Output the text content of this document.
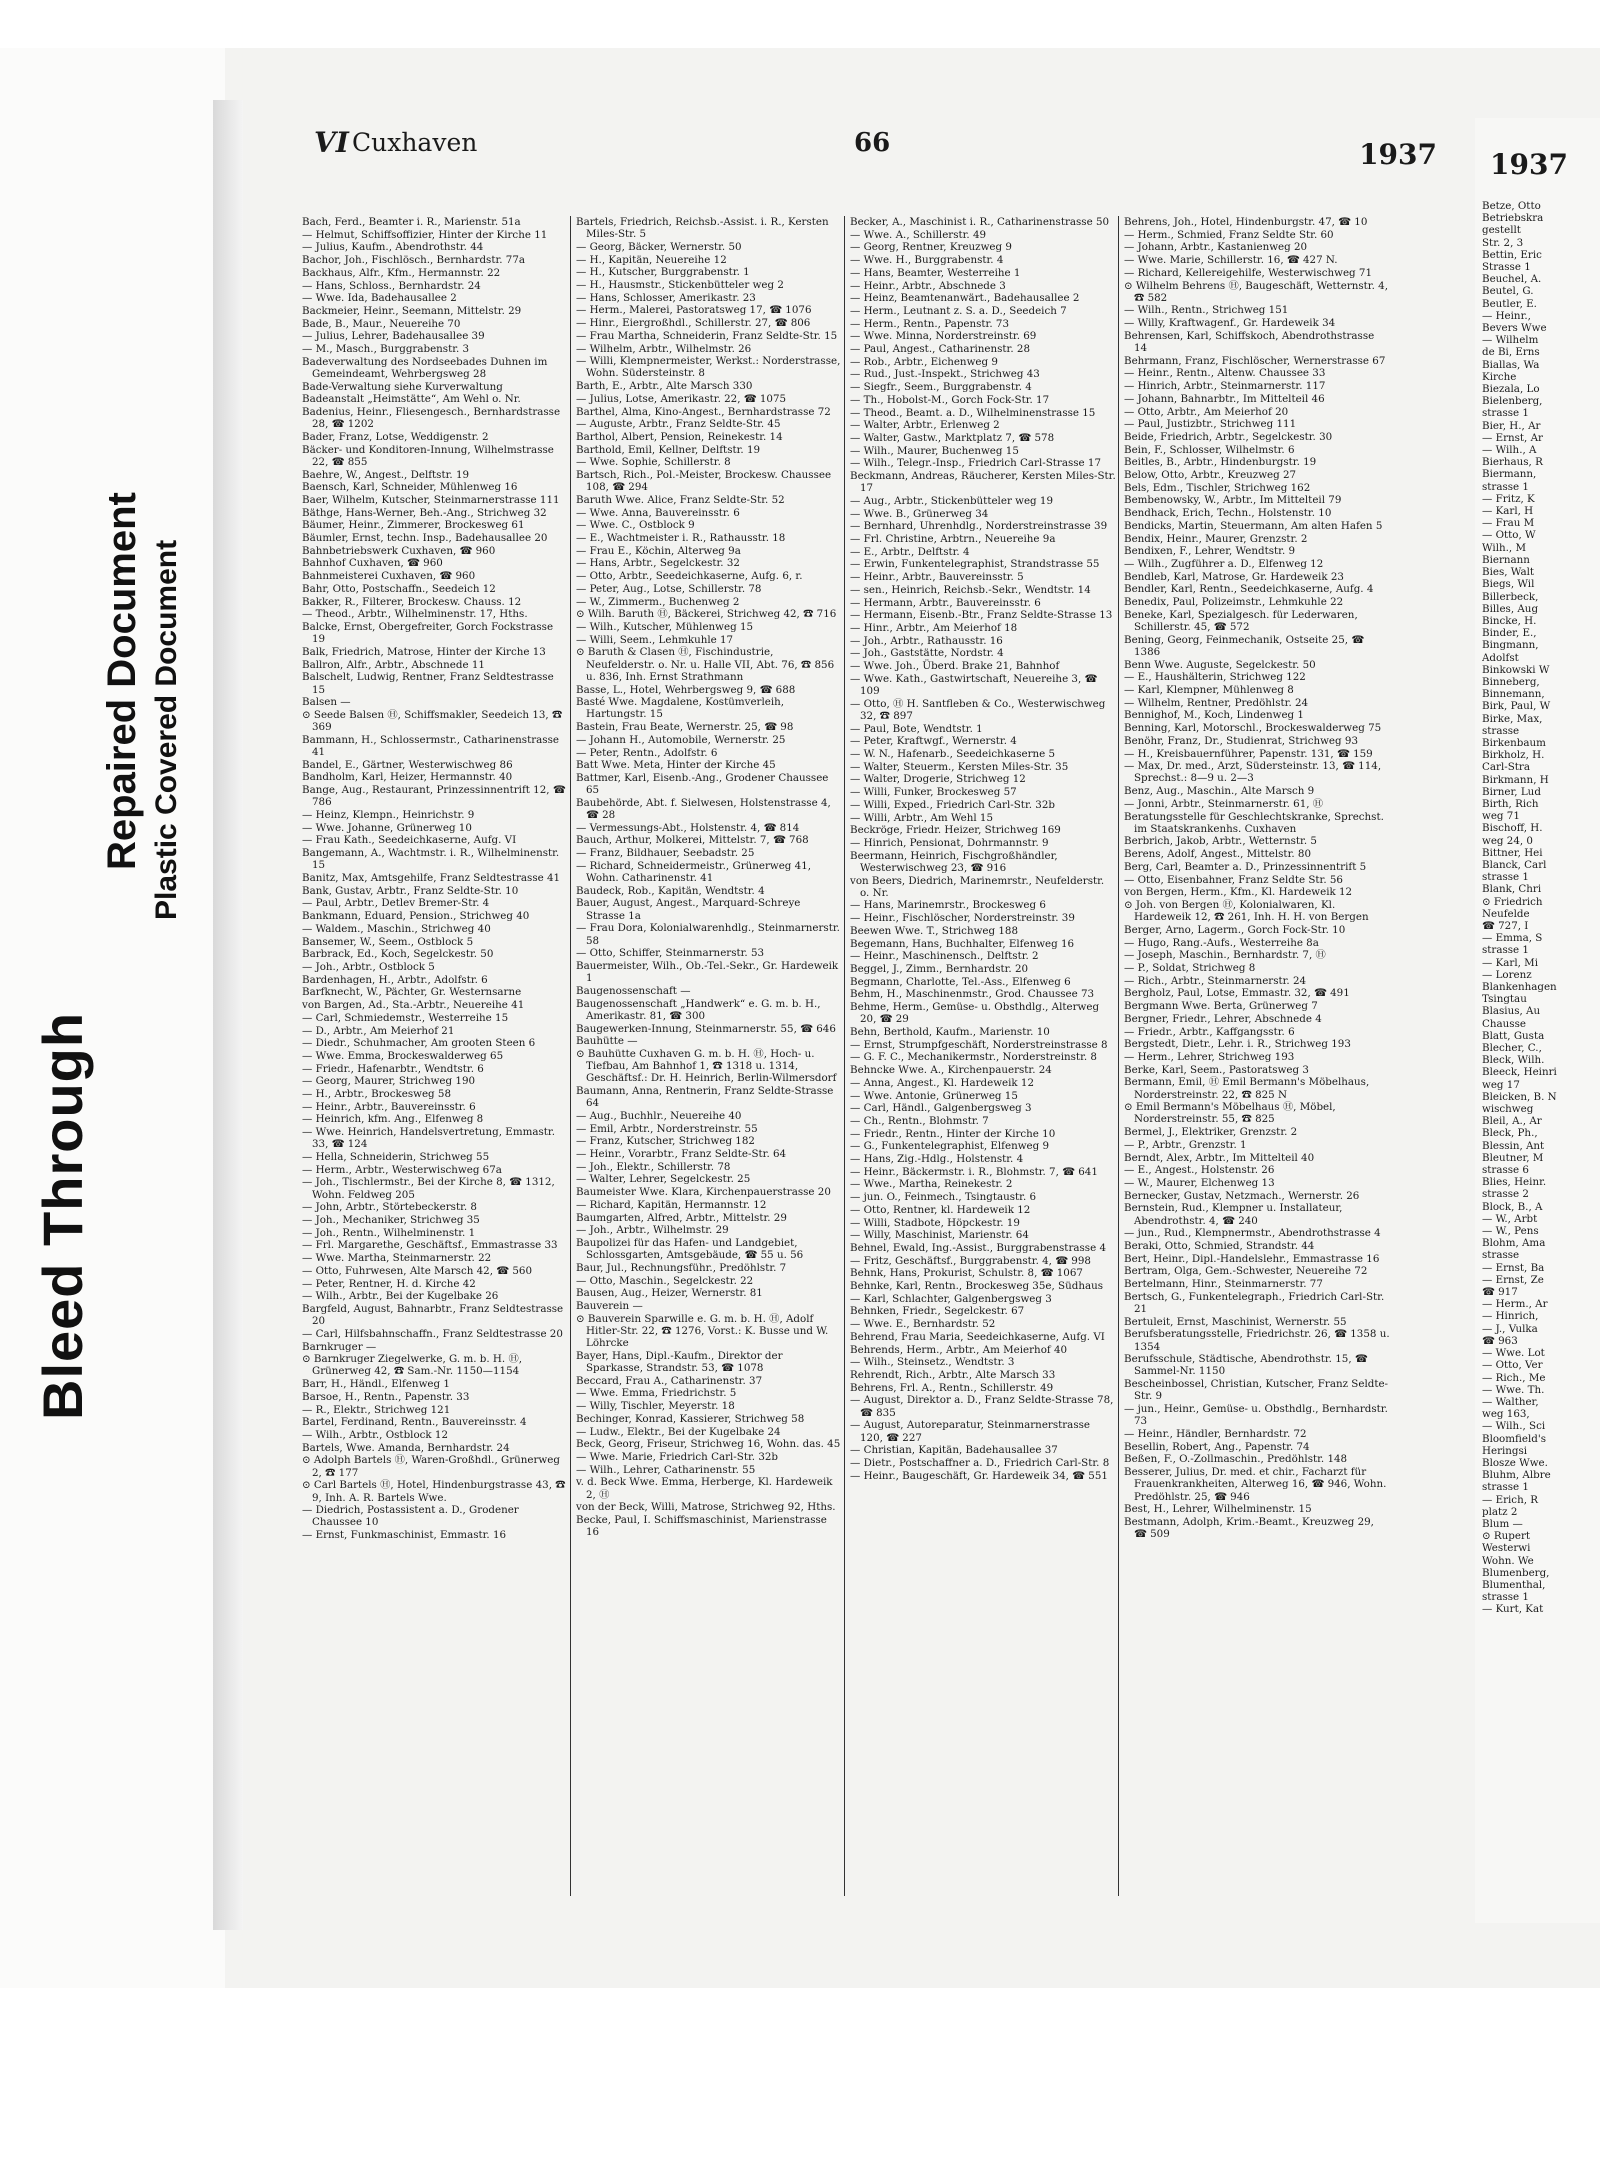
Bleed Through
Repaired Document Plastic Covered Document
VI Cuxhaven	66	1937

Bach, Ferd., Beamter i. R., Marienstr. 51a

— Helmut, Schiffsoffizier, Hinter der Kirche 11

— Julius, Kaufm., Abendrothstr. 44

Bachor, Joh., Fischlösch., Bernhardstr. 77a

Backhaus, Alfr., Kfm., Hermannstr. 22

— Hans, Schloss., Bernhardstr. 24

— Wwe. Ida, Badehausallee 2

Backmeier, Heinr., Seemann, Mittelstr. 29

Bade, B., Maur., Neuereihe 70

— Julius, Lehrer, Badehausallee 39

— M., Masch., Burggrabenstr. 3

Badeverwaltung des Nordseebades Duhnen im Gemeindeamt, Wehrbergsweg 28

Bade-Verwaltung siehe Kurverwaltung

Badeanstalt „Heimstätte“, Am Wehl o. Nr.

Badenius, Heinr., Fliesengesch., Bernhardstrasse 28, ☎ 1202

Bader, Franz, Lotse, Weddigenstr. 2

Bäcker- und Konditoren-Innung, Wilhelmstrasse 22, ☎ 855

Baehre, W., Angest., Delftstr. 19

Baensch, Karl, Schneider, Mühlenweg 16

Baer, Wilhelm, Kutscher, Steinmarnerstrasse 111

Bäthge, Hans-Werner, Beh.-Ang., Strichweg 32

Bäumer, Heinr., Zimmerer, Brockesweg 61

Bäumler, Ernst, techn. Insp., Badehausallee 20

Bahnbetriebswerk Cuxhaven, ☎ 960

Bahnhof Cuxhaven, ☎ 960

Bahnmeisterei Cuxhaven, ☎ 960

Bahr, Otto, Postschaffn., Seedeich 12

Bakker, R., Filterer, Brockesw. Chauss. 12

— Theod., Arbtr., Wilhelminenstr. 17, Hths.

Balcke, Ernst, Obergefreiter, Gorch Fockstrasse 19

Balk, Friedrich, Matrose, Hinter der Kirche 13

Ballron, Alfr., Arbtr., Abschnede 11

Balschelt, Ludwig, Rentner, Franz Seldtestrasse 15

Balsen —

⊙ Seede Balsen Ⓗ, Schiffsmakler, Seedeich 13, ☎ 369

Bammann, H., Schlossermstr., Catharinenstrasse 41

Bandel, E., Gärtner, Westerwischweg 86

Bandholm, Karl, Heizer, Hermannstr. 40

Bange, Aug., Restaurant, Prinzessinnentrift 12, ☎ 786

— Heinz, Klempn., Heinrichstr. 9

— Wwe. Johanne, Grünerweg 10

— Frau Kath., Seedeichkaserne, Aufg. VI

Bangemann, A., Wachtmstr. i. R., Wilhelminenstr. 15

Banitz, Max, Amtsgehilfe, Franz Seldtestrasse 41

Bank, Gustav, Arbtr., Franz Seldte-Str. 10

— Paul, Arbtr., Detlev Bremer-Str. 4

Bankmann, Eduard, Pension., Strichweg 40

— Waldem., Maschin., Strichweg 40

Bansemer, W., Seem., Ostblock 5

Barbrack, Ed., Koch, Segelckestr. 50

— Joh., Arbtr., Ostblock 5

Bardenhagen, H., Arbtr., Adolfstr. 6

Barfknecht, W., Pächter, Gr. Westernsarne

von Bargen, Ad., Sta.-Arbtr., Neuereihe 41

— Carl, Schmiedemstr., Westerreihe 15

— D., Arbtr., Am Meierhof 21

— Diedr., Schuhmacher, Am grooten Steen 6

— Wwe. Emma, Brockeswalderweg 65

— Friedr., Hafenarbtr., Wendtstr. 6

— Georg, Maurer, Strichweg 190

— H., Arbtr., Brockesweg 58

— Heinr., Arbtr., Bauvereinsstr. 6

— Heinrich, kfm. Ang., Elfenweg 8

— Wwe. Heinrich, Handelsvertretung, Emmastr. 33, ☎ 124

— Hella, Schneiderin, Strichweg 55

— Herm., Arbtr., Westerwischweg 67a

— Joh., Tischlermstr., Bei der Kirche 8, ☎ 1312, Wohn. Feldweg 205

— John, Arbtr., Störtebeckerstr. 8

— Joh., Mechaniker, Strichweg 35

— Joh., Rentn., Wilhelminenstr. 1

— Frl. Margarethe, Geschäftsf., Emmastrasse 33

— Wwe. Martha, Steinmarnerstr. 22

— Otto, Fuhrwesen, Alte Marsch 42, ☎ 560

— Peter, Rentner, H. d. Kirche 42

— Wilh., Arbtr., Bei der Kugelbake 26

Bargfeld, August, Bahnarbtr., Franz Seldtestrasse 20

— Carl, Hilfsbahnschaffn., Franz Seldtestrasse 20

Barnkruger —

⊙ Barnkruger Ziegelwerke, G. m. b. H. Ⓗ, Grünerweg 42, ☎ Sam.-Nr. 1150—1154

Barr, H., Händl., Elfenweg 1

Barsoe, H., Rentn., Papenstr. 33

— R., Elektr., Strichweg 121

Bartel, Ferdinand, Rentn., Bauvereinsstr. 4

— Wilh., Arbtr., Ostblock 12

Bartels, Wwe. Amanda, Bernhardstr. 24

⊙ Adolph Bartels Ⓗ, Waren-Großhdl., Grünerweg 2, ☎ 177

⊙ Carl Bartels Ⓗ, Hotel, Hindenburgstrasse 43, ☎ 9, Inh. A. R. Bartels Wwe.

— Diedrich, Postassistent a. D., Grodener Chaussee 10

— Ernst, Funkmaschinist, Emmastr. 16

Bartels, Friedrich, Reichsb.-Assist. i. R., Kersten Miles-Str. 5

— Georg, Bäcker, Wernerstr. 50

— H., Kapitän, Neuereihe 12

— H., Kutscher, Burggrabenstr. 1

— H., Hausmstr., Stickenbütteler weg 2

— Hans, Schlosser, Amerikastr. 23

— Herm., Malerei, Pastoratsweg 17, ☎ 1076

— Hinr., Eiergroßhdl., Schillerstr. 27, ☎ 806

— Frau Martha, Schneiderin, Franz Seldte-Str. 15

— Wilhelm, Arbtr., Wilhelmstr. 26

— Willi, Klempnermeister, Werkst.: Norderstrasse, Wohn. Südersteinstr. 8

Barth, E., Arbtr., Alte Marsch 330

— Julius, Lotse, Amerikastr. 22, ☎ 1075

Barthel, Alma, Kino-Angest., Bernhardstrasse 72

— Auguste, Arbtr., Franz Seldte-Str. 45

Barthol, Albert, Pension, Reinekestr. 14

Barthold, Emil, Kellner, Delftstr. 19

— Wwe. Sophie, Schillerstr. 8

Bartsch, Rich., Pol.-Meister, Brockesw. Chaussee 108, ☎ 294

Baruth Wwe. Alice, Franz Seldte-Str. 52

— Wwe. Anna, Bauvereinsstr. 6

— Wwe. C., Ostblock 9

— E., Wachtmeister i. R., Rathausstr. 18

— Frau E., Köchin, Alterweg 9a

— Hans, Arbtr., Segelckestr. 32

— Otto, Arbtr., Seedeichkaserne, Aufg. 6, r.

— Peter, Aug., Lotse, Schillerstr. 78

— W., Zimmerm., Buchenweg 2

⊙ Wilh. Baruth Ⓗ, Bäckerei, Strichweg 42, ☎ 716

— Wilh., Kutscher, Mühlenweg 15

— Willi, Seem., Lehmkuhle 17

⊙ Baruth & Clasen Ⓗ, Fischindustrie, Neufelderstr. o. Nr. u. Halle VII, Abt. 76, ☎ 856 u. 836, Inh. Ernst Strathmann

Basse, L., Hotel, Wehrbergsweg 9, ☎ 688

Basté Wwe. Magdalene, Kostümverleih, Hartungstr. 15

Bastein, Frau Beate, Wernerstr. 25, ☎ 98

— Johann H., Automobile, Wernerstr. 25

— Peter, Rentn., Adolfstr. 6

Batt Wwe. Meta, Hinter der Kirche 45

Battmer, Karl, Eisenb.-Ang., Grodener Chaussee 65

Baubehörde, Abt. f. Sielwesen, Holstenstrasse 4, ☎ 28

— Vermessungs-Abt., Holstenstr. 4, ☎ 814

Bauch, Arthur, Molkerei, Mittelstr. 7, ☎ 768

— Franz, Bildhauer, Seebadstr. 25

— Richard, Schneidermeistr., Grünerweg 41, Wohn. Catharinenstr. 41

Baudeck, Rob., Kapitän, Wendtstr. 4

Bauer, August, Angest., Marquard-Schreye Strasse 1a

— Frau Dora, Kolonialwarenhdlg., Steinmarnerstr. 58

— Otto, Schiffer, Steinmarnerstr. 53

Bauermeister, Wilh., Ob.-Tel.-Sekr., Gr. Hardeweik 1

Baugenossenschaft —

Baugenossenschaft „Handwerk“ e. G. m. b. H., Amerikastr. 81, ☎ 300

Baugewerken-Innung, Steinmarnerstr. 55, ☎ 646

Bauhütte —

⊙ Bauhütte Cuxhaven G. m. b. H. Ⓗ, Hoch- u. Tiefbau, Am Bahnhof 1, ☎ 1318 u. 1314, Geschäftsf.: Dr. H. Heinrich, Berlin-Wilmersdorf

Baumann, Anna, Rentnerin, Franz Seldte-Strasse 64

— Aug., Buchhlr., Neuereihe 40

— Emil, Arbtr., Norderstreinstr. 55

— Franz, Kutscher, Strichweg 182

— Heinr., Vorarbtr., Franz Seldte-Str. 64

— Joh., Elektr., Schillerstr. 78

— Walter, Lehrer, Segelckestr. 25

Baumeister Wwe. Klara, Kirchenpauerstrasse 20

— Richard, Kapitän, Hermannstr. 12

Baumgarten, Alfred, Arbtr., Mittelstr. 29

— Joh., Arbtr., Wilhelmstr. 29

Baupolizei für das Hafen- und Landgebiet, Schlossgarten, Amtsgebäude, ☎ 55 u. 56

Baur, Jul., Rechnungsführ., Predöhlstr. 7

— Otto, Maschin., Segelckestr. 22

Bausen, Aug., Heizer, Wernerstr. 81

Bauverein —

⊙ Bauverein Sparwille e. G. m. b. H. Ⓗ, Adolf Hitler-Str. 22, ☎ 1276, Vorst.: K. Busse und W. Löhrcke

Bayer, Hans, Dipl.-Kaufm., Direktor der Sparkasse, Strandstr. 53, ☎ 1078

Beccard, Frau A., Catharinenstr. 37

— Wwe. Emma, Friedrichstr. 5

— Willy, Tischler, Meyerstr. 18

Bechinger, Konrad, Kassierer, Strichweg 58

— Ludw., Elektr., Bei der Kugelbake 24

Beck, Georg, Friseur, Strichweg 16, Wohn. das. 45

— Wwe. Marie, Friedrich Carl-Str. 32b

— Wilh., Lehrer, Catharinenstr. 55

v. d. Beck Wwe. Emma, Herberge, Kl. Hardeweik 2, Ⓗ

von der Beck, Willi, Matrose, Strichweg 92, Hths.

Becke, Paul, I. Schiffsmaschinist, Marienstrasse 16

Becker, A., Maschinist i. R., Catharinenstrasse 50

— Wwe. A., Schillerstr. 49

— Georg, Rentner, Kreuzweg 9

— Wwe. H., Burggrabenstr. 4

— Hans, Beamter, Westerreihe 1

— Heinr., Arbtr., Abschnede 3

— Heinz, Beamtenanwärt., Badehausallee 2

— Herm., Leutnant z. S. a. D., Seedeich 7

— Herm., Rentn., Papenstr. 73

— Wwe. Minna, Norderstreinstr. 69

— Paul, Angest., Catharinenstr. 28

— Rob., Arbtr., Eichenweg 9

— Rud., Just.-Inspekt., Strichweg 43

— Siegfr., Seem., Burggrabenstr. 4

— Th., Hobolst-M., Gorch Fock-Str. 17

— Theod., Beamt. a. D., Wilhelminenstrasse 15

— Walter, Arbtr., Erlenweg 2

— Walter, Gastw., Marktplatz 7, ☎ 578

— Wilh., Maurer, Buchenweg 15

— Wilh., Telegr.-Insp., Friedrich Carl-Strasse 17

Beckmann, Andreas, Räucherer, Kersten Miles-Str. 17

— Aug., Arbtr., Stickenbütteler weg 19

— Wwe. B., Grünerweg 34

— Bernhard, Uhrenhdlg., Norderstreinstrasse 39

— Frl. Christine, Arbtrn., Neuereihe 9a

— E., Arbtr., Delftstr. 4

— Erwin, Funkentelegraphist, Strandstrasse 55

— Heinr., Arbtr., Bauvereinsstr. 5

— sen., Heinrich, Reichsb.-Sekr., Wendtstr. 14

— Hermann, Arbtr., Bauvereinsstr. 6

— Hermann, Eisenb.-Btr., Franz Seldte-Strasse 13

— Hinr., Arbtr., Am Meierhof 18

— Joh., Arbtr., Rathausstr. 16

— Joh., Gaststätte, Nordstr. 4

— Wwe. Joh., Überd. Brake 21, Bahnhof

— Wwe. Kath., Gastwirtschaft, Neuereihe 3, ☎ 109

— Otto, Ⓗ H. Santfleben & Co., Westerwischweg 32, ☎ 897

— Paul, Bote, Wendtstr. 1

— Peter, Kraftwgf., Wernerstr. 4

— W. N., Hafenarb., Seedeichkaserne 5

— Walter, Steuerm., Kersten Miles-Str. 35

— Walter, Drogerie, Strichweg 12

— Willi, Funker, Brockesweg 57

— Willi, Exped., Friedrich Carl-Str. 32b

— Willi, Arbtr., Am Wehl 15

Beckröge, Friedr. Heizer, Strichweg 169

— Hinrich, Pensionat, Dohrmannstr. 9

Beermann, Heinrich, Fischgroßhändler, Westerwischweg 23, ☎ 916

von Beers, Diedrich, Marinemrstr., Neufelderstr. o. Nr.

— Hans, Marinemrstr., Brockesweg 6

— Heinr., Fischlöscher, Norderstreinstr. 39

Beewen Wwe. T., Strichweg 188

Begemann, Hans, Buchhalter, Elfenweg 16

— Heinr., Maschinensch., Delftstr. 2

Beggel, J., Zimm., Bernhardstr. 20

Begmann, Charlotte, Tel.-Ass., Elfenweg 6

Behm, H., Maschinenmstr., Grod. Chaussee 73

Behme, Herm., Gemüse- u. Obsthdlg., Alterweg 20, ☎ 29

Behn, Berthold, Kaufm., Marienstr. 10

— Ernst, Strumpfgeschäft, Norderstreinstrasse 8

— G. F. C., Mechanikermstr., Norderstreinstr. 8

Behncke Wwe. A., Kirchenpauerstr. 24

— Anna, Angest., Kl. Hardeweik 12

— Wwe. Antonie, Grünerweg 15

— Carl, Händl., Galgenbergsweg 3

— Ch., Rentn., Blohmstr. 7

— Friedr., Rentn., Hinter der Kirche 10

— G., Funkentelegraphist, Elfenweg 9

— Hans, Zig.-Hdlg., Holstenstr. 4

— Heinr., Bäckermstr. i. R., Blohmstr. 7, ☎ 641

— Wwe., Martha, Reinekestr. 2

— jun. O., Feinmech., Tsingtaustr. 6

— Otto, Rentner, kl. Hardeweik 12

— Willi, Stadbote, Höpckestr. 19

— Willy, Maschinist, Marienstr. 64

Behnel, Ewald, Ing.-Assist., Burggrabenstrasse 4

— Fritz, Geschäftsf., Burggrabenstr. 4, ☎ 998

Behnk, Hans, Prokurist, Schulstr. 8, ☎ 1067

Behnke, Karl, Rentn., Brockesweg 35e, Südhaus

— Karl, Schlachter, Galgenbergsweg 3

Behnken, Friedr., Segelckestr. 67

— Wwe. E., Bernhardstr. 52

Behrend, Frau Maria, Seedeichkaserne, Aufg. VI

Behrends, Herm., Arbtr., Am Meierhof 40

— Wilh., Steinsetz., Wendtstr. 3

Rehrendt, Rich., Arbtr., Alte Marsch 33

Behrens, Frl. A., Rentn., Schillerstr. 49

— August, Direktor a. D., Franz Seldte-Strasse 78, ☎ 835

— August, Autoreparatur, Steinmarnerstrasse 120, ☎ 227

— Christian, Kapitän, Badehausallee 37

— Dietr., Postschaffner a. D., Friedrich Carl-Str. 8

— Heinr., Baugeschäft, Gr. Hardeweik 34, ☎ 551

Behrens, Joh., Hotel, Hindenburgstr. 47, ☎ 10

— Herm., Schmied, Franz Seldte Str. 60

— Johann, Arbtr., Kastanienweg 20

— Wwe. Marie, Schillerstr. 16, ☎ 427 N.

— Richard, Kellereigehilfe, Westerwischweg 71

⊙ Wilhelm Behrens Ⓗ, Baugeschäft, Wetternstr. 4, ☎ 582

— Wilh., Rentn., Strichweg 151

— Willy, Kraftwagenf., Gr. Hardeweik 34

Behrensen, Karl, Schiffskoch, Abendrothstrasse 14

Behrmann, Franz, Fischlöscher, Wernerstrasse 67

— Heinr., Rentn., Altenw. Chaussee 33

— Hinrich, Arbtr., Steinmarnerstr. 117

— Johann, Bahnarbtr., Im Mittelteil 46

— Otto, Arbtr., Am Meierhof 20

— Paul, Justizbtr., Strichweg 111

Beide, Friedrich, Arbtr., Segelckestr. 30

Bein, F., Schlosser, Wilhelmstr. 6

Beitles, B., Arbtr., Hindenburgstr. 19

Below, Otto, Arbtr., Kreuzweg 27

Bels, Edm., Tischler, Strichweg 162

Bembenowsky, W., Arbtr., Im Mittelteil 79

Bendhack, Erich, Techn., Holstenstr. 10

Bendicks, Martin, Steuermann, Am alten Hafen 5

Bendix, Heinr., Maurer, Grenzstr. 2

Bendixen, F., Lehrer, Wendtstr. 9

— Wilh., Zugführer a. D., Elfenweg 12

Bendleb, Karl, Matrose, Gr. Hardeweik 23

Bendler, Karl, Rentn., Seedeichkaserne, Aufg. 4

Benedix, Paul, Polizeimstr., Lehmkuhle 22

Beneke, Karl, Spezialgesch. für Lederwaren, Schillerstr. 45, ☎ 572

Bening, Georg, Feinmechanik, Ostseite 25, ☎ 1386

Benn Wwe. Auguste, Segelckestr. 50

— E., Haushälterin, Strichweg 122

— Karl, Klempner, Mühlenweg 8

— Wilhelm, Rentner, Predöhlstr. 24

Bennighof, M., Koch, Lindenweg 1

Benning, Karl, Motorschl., Brockeswalderweg 75

Benöhr, Franz, Dr., Studienrat, Strichweg 93

— H., Kreisbauernführer, Papenstr. 131, ☎ 159

— Max, Dr. med., Arzt, Südersteinstr. 13, ☎ 114, Sprechst.: 8—9 u. 2—3

Benz, Aug., Maschin., Alte Marsch 9

— Jonni, Arbtr., Steinmarnerstr. 61, Ⓗ

Beratungsstelle für Geschlechtskranke, Sprechst. im Staatskrankenhs. Cuxhaven

Berbrich, Jakob, Arbtr., Wetternstr. 5

Berens, Adolf, Angest., Mittelstr. 80

Berg, Carl, Beamter a. D., Prinzessinnentrift 5

— Otto, Eisenbahner, Franz Seldte Str. 56

von Bergen, Herm., Kfm., Kl. Hardeweik 12

⊙ Joh. von Bergen Ⓗ, Kolonialwaren, Kl. Hardeweik 12, ☎ 261, Inh. H. H. von Bergen

Berger, Arno, Lagerm., Gorch Fock-Str. 10

— Hugo, Rang.-Aufs., Westerreihe 8a

— Joseph, Maschin., Bernhardstr. 7, Ⓗ

— P., Soldat, Strichweg 8

— Rich., Arbtr., Steinmarnerstr. 24

Bergholz, Paul, Lotse, Emmastr. 32, ☎ 491

Bergmann Wwe. Berta, Grünerweg 7

Bergner, Friedr., Lehrer, Abschnede 4

— Friedr., Arbtr., Kaffgangsstr. 6

Bergstedt, Dietr., Lehr. i. R., Strichweg 193

— Herm., Lehrer, Strichweg 193

Berke, Karl, Seem., Pastoratsweg 3

Bermann, Emil, Ⓗ Emil Bermann's Möbelhaus, Norderstreinstr. 22, ☎ 825 N

⊙ Emil Bermann's Möbelhaus Ⓗ, Möbel, Norderstreinstr. 55, ☎ 825

Bermel, J., Elektriker, Grenzstr. 2

— P., Arbtr., Grenzstr. 1

Berndt, Alex, Arbtr., Im Mittelteil 40

— E., Angest., Holstenstr. 26

— W., Maurer, Elchenweg 13

Bernecker, Gustav, Netzmach., Wernerstr. 26

Bernstein, Rud., Klempner u. Installateur, Abendrothstr. 4, ☎ 240

— jun., Rud., Klempnermstr., Abendrothstrasse 4

Beraki, Otto, Schmied, Strandstr. 44

Bert, Heinr., Dipl.-Handelslehr., Emmastrasse 16

Bertram, Olga, Gem.-Schwester, Neuereihe 72

Bertelmann, Hinr., Steinmarnerstr. 77

Bertsch, G., Funkentelegraph., Friedrich Carl-Str. 21

Bertuleit, Ernst, Maschinist, Wernerstr. 55

Berufsberatungsstelle, Friedrichstr. 26, ☎ 1358 u. 1354

Berufsschule, Städtische, Abendrothstr. 15, ☎ Sammel-Nr. 1150

Bescheinbossel, Christian, Kutscher, Franz Seldte-Str. 9

— jun., Heinr., Gemüse- u. Obsthdlg., Bernhardstr. 73

— Heinr., Händler, Bernhardstr. 72

Besellin, Robert, Ang., Papenstr. 74

Beßen, F., O.-Zollmaschin., Predöhlstr. 148

Besserer, Julius, Dr. med. et chir., Facharzt für Frauenkrankheiten, Alterweg 16, ☎ 946, Wohn. Predöhlstr. 25, ☎ 946

Best, H., Lehrer, Wilhelminenstr. 15

Bestmann, Adolph, Krim.-Beamt., Kreuzweg 29, ☎ 509

1937

Betze, Otto

Betriebskra

gestellt

Str. 2, 3

Bettin, Eric

Strasse 1

Beuchel, A.

Beutel, G.

Beutler, E.

— Heinr.,

Bevers Wwe

— Wilhelm

de Bi, Erns

Biallas, Wa

Kirche

Biezala, Lo

Bielenberg,

strasse 1

Bier, H., Ar

— Ernst, Ar

— Wilh., A

Bierhaus, R

Biermann,

strasse 1

— Fritz, K

— Karl, H

— Frau M

— Otto, W

Wilh., M

Biernann

Bies, Walt

Biegs, Wil

Billerbeck,

Billes, Aug

Bincke, H.

Binder, E.,

Bingmann,

Adolfst

Binkowski W

Binneberg,

Binnemann,

Birk, Paul, W

Birke, Max,

strasse

Birkenbaum

Birkholz, H.

Carl-Stra

Birkmann, H

Birner, Lud

Birth, Rich

weg 71

Bischoff, H.

weg 24, 0

Bittner, Hei

Blanck, Carl

strasse 1

Blank, Chri

⊙ Friedrich

Neufelde

☎ 727, I

— Emma, S

strasse 1

— Karl, Mi

— Lorenz

Blankenhagen

Tsingtau

Blasius, Au

Chausse

Blatt, Gusta

Blecher, C.,

Bleck, Wilh.

Bleeck, Heinri

weg 17

Bleicken, B. N

wischweg

Bleil, A., Ar

Bleck, Ph.,

Blessin, Ant

Bleutner, M

strasse 6

Blies, Heinr.

strasse 2

Block, B., A

— W., Arbt

— W., Pens

Blohm, Ama

strasse

— Ernst, Ba

— Ernst, Ze

☎ 917

— Herm., Ar

— Hinrich,

— J., Vulka

☎ 963

— Wwe. Lot

— Otto, Ver

— Rich., Me

— Wwe. Th.

— Walther,

weg 163,

— Wilh., Sci

Bloomfield's

Heringsi

Blosze Wwe.

Bluhm, Albre

strasse 1

— Erich, R

platz 2

Blum —

⊙ Rupert

Westerwi

Wohn. We

Blumenberg,

Blumenthal,

strasse 1

— Kurt, Kat
